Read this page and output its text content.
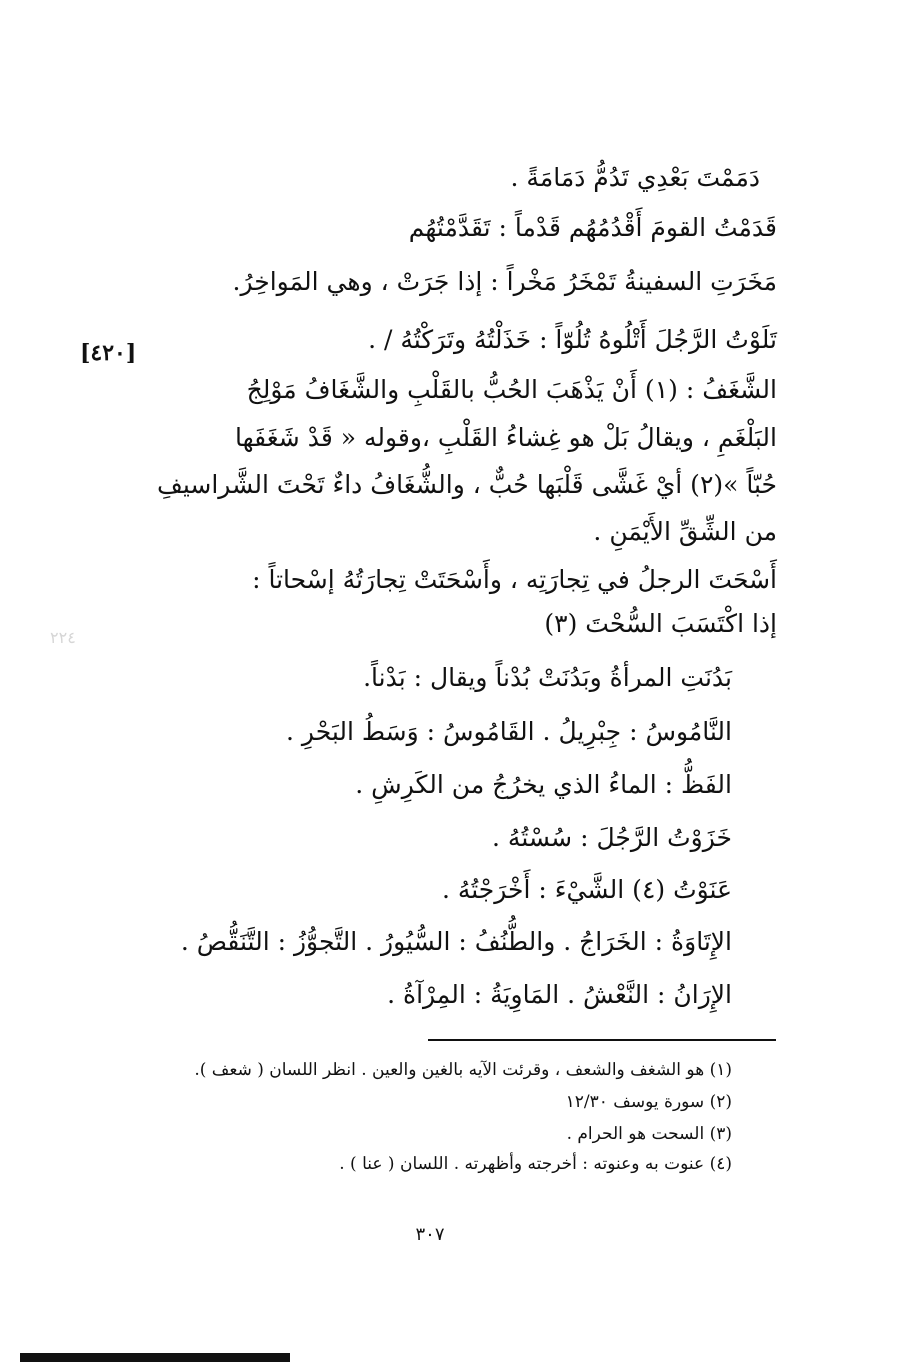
دَمَمْتَ بَعْدِي تَدُمُّ دَمَامَةً .
قَدَمْتُ القومَ أَقْدُمُهُم قَدْماً : تَقَدَّمْتُهُم
مَخَرَتِ السفينةُ تَمْخَرُ مَخْراً : إذا جَرَتْ ، وهي المَواخِرُ.
تَلَوْتُ الرَّجُلَ أَتْلُوهُ تُلُوّاً : خَذَلْتُهُ وتَرَكْتُهُ / .
[٤٢٠]
الشَّغَفُ : (١) أَنْ يَذْهَبَ الحُبُّ بالقَلْبِ والشَّغَافُ مَوْلِجُ
البَلْغَمِ ، ويقالُ بَلْ هو غِشاءُ القَلْبِ ،وقوله « قَدْ شَغَفَها
حُبّاً »(٢) أيْ غَشَّى قَلْبَها حُبٌّ ، والشُّغَافُ داءٌ تَحْتَ الشَّراسيفِ
من الشِّقِّ الأَيْمَنِ .
أَسْحَتَ الرجلُ في تِجارَتِه ، وأَسْحَتَتْ تِجارَتُهُ إسْحاتاً :
إذا اكْتَسَبَ السُّحْتَ (٣)
٢٢٤
بَدُنَتِ المرأةُ وبَدُنَتْ بُدْناً ويقال : بَدْناً.
النَّامُوسُ : جِبْرِيلُ . القَامُوسُ : وَسَطُ البَحْرِ .
الفَظُّ : الماءُ الذي يخرُجُ من الكَرِشِ .
خَزَوْتُ الرَّجُلَ : سُسْتُهُ .
عَنَوْتُ (٤) الشَّيْءَ : أَخْرَجْتُهُ .
الإِتَاوَةُ : الخَرَاجُ . والطُّنُفُ : السُّيُورُ . التَّجوُّزُ : التَّنَقُّصُ .
الإِرَانُ : النَّعْشُ . المَاوِيَةُ : المِرْآةُ .
(١) هو الشغف والشعف ، وقرئت الآيه بالغين والعين . انظر اللسان ( شعف ).
(٢) سورة يوسف ١٢/٣٠
(٣) السحت هو الحرام .
(٤) عنوت به وعنوته : أخرجته وأظهرته . اللسان ( عنا ) .
٣٠٧
